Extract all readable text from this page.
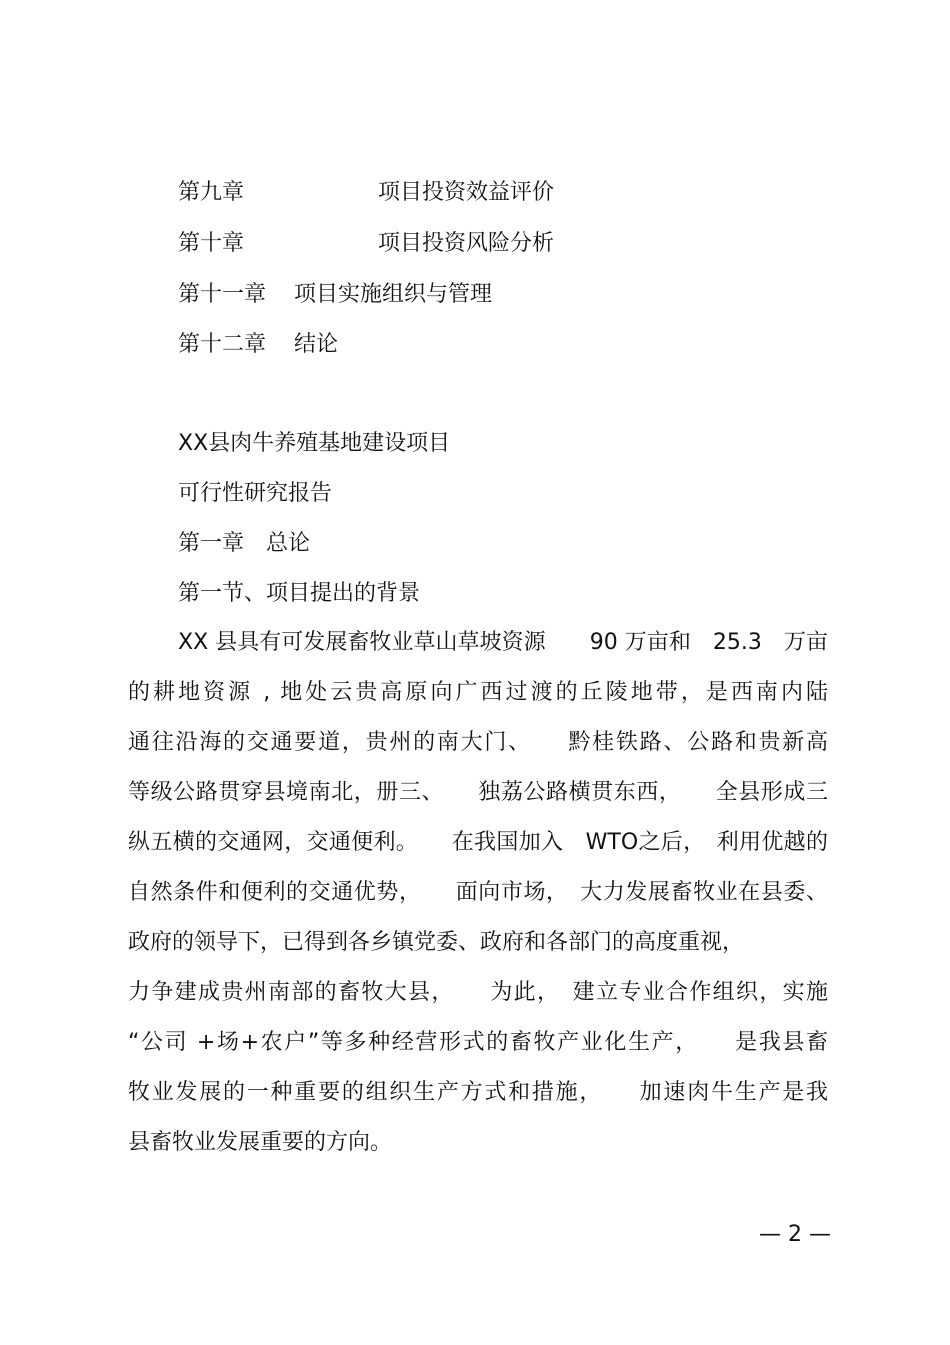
第九章	项目投资效益评价
第十章	项目投资风险分析
第十一章 项目实施组织与管理
第十二章 结论
XX县肉牛养殖基地建设项目
可行性研究报告
第一章　总论
第一节、项目提出的背景
XX 县具有可发展畜牧业草山草坡资源　　90 万亩和　25.3　万亩
的耕地资源 , 地处云贵高原向广西过渡的丘陵地带，是西南内陆
通往沿海的交通要道，贵州的南大门、　　黔桂铁路、公路和贵新高
等级公路贯穿县境南北，册三、　　独荔公路横贯东西，　　全县形成三
纵五横的交通网，交通便利。　　在我国加入　WTO之后，　利用优越的
自然条件和便利的交通优势，　　面向市场，　大力发展畜牧业在县委、
政府的领导下，已得到各乡镇党委、政府和各部门的高度重视，
力争建成贵州南部的畜牧大县，　　为此，　建立专业合作组织，实施
“公司 +场+农户”等多种经营形式的畜牧产业化生产，　　是我县畜
牧业发展的一种重要的组织生产方式和措施，　　加速肉牛生产是我
县畜牧业发展重要的方向。
— 2 —
